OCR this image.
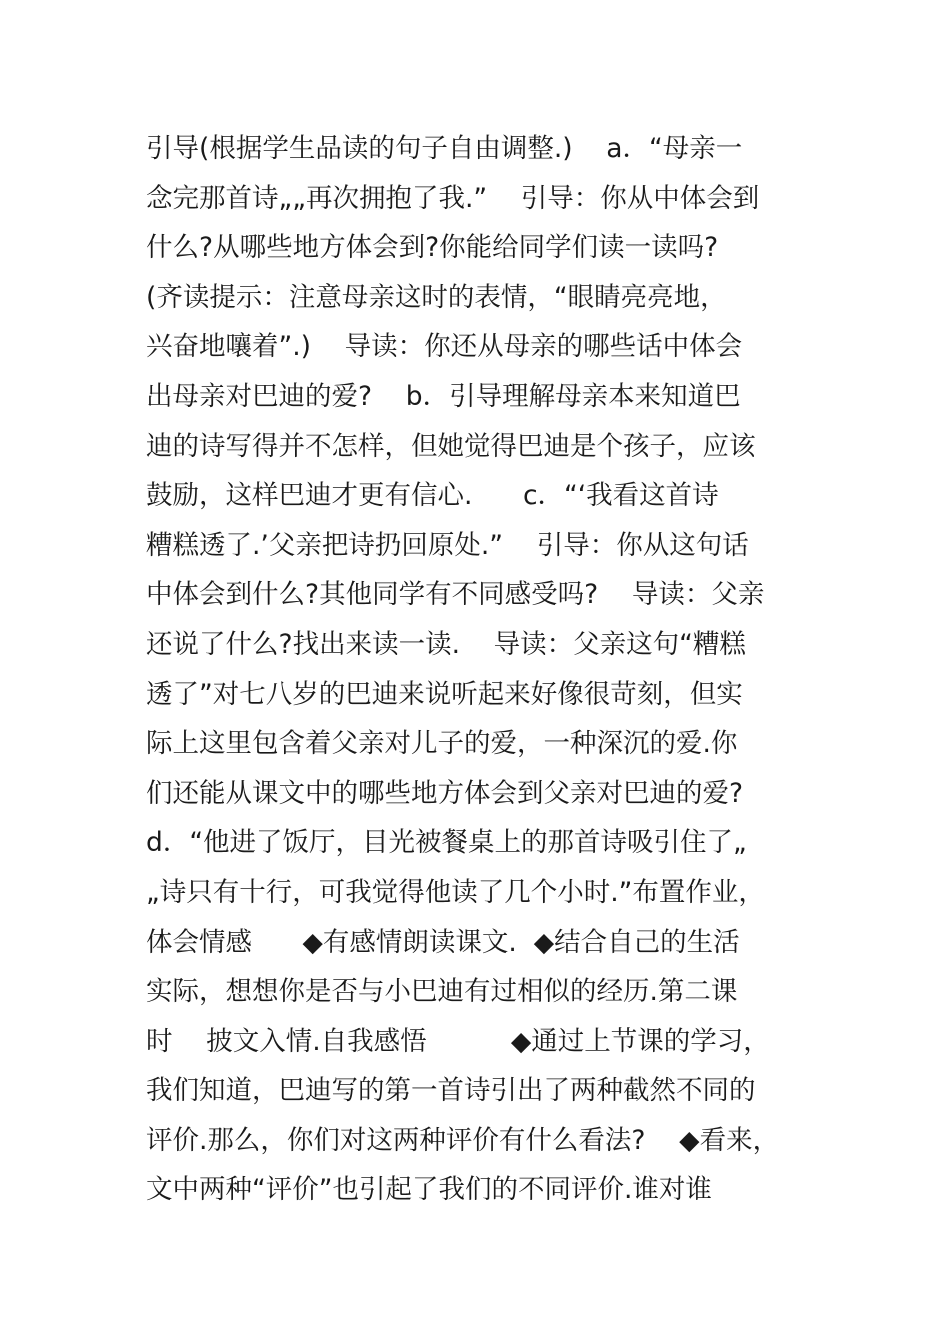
引导(根据学生品读的句子自由调整.)    a．“母亲一
念完那首诗„„再次拥抱了我.”    引导：你从中体会到
什么?从哪些地方体会到?你能给同学们读一读吗?
(齐读提示：注意母亲这时的表情，“眼睛亮亮地，
兴奋地嚷着”.)    导读：你还从母亲的哪些话中体会
出母亲对巴迪的爱?    b．引导理解母亲本来知道巴
迪的诗写得并不怎样，但她觉得巴迪是个孩子，应该
鼓励，这样巴迪才更有信心.      c．“‘我看这首诗
糟糕透了.’父亲把诗扔回原处.”    引导：你从这句话
中体会到什么?其他同学有不同感受吗?    导读：父亲
还说了什么?找出来读一读.    导读：父亲这句“糟糕
透了”对七八岁的巴迪来说听起来好像很苛刻，但实
际上这里包含着父亲对儿子的爱，一种深沉的爱.你
们还能从课文中的哪些地方体会到父亲对巴迪的爱?
d．“他进了饭厅，目光被餐桌上的那首诗吸引住了„
„诗只有十行，可我觉得他读了几个小时.”布置作业，
体会情感      ◆有感情朗读课文.  ◆结合自己的生活
实际，想想你是否与小巴迪有过相似的经历.第二课
时    披文入情.自我感悟          ◆通过上节课的学习，
我们知道，巴迪写的第一首诗引出了两种截然不同的
评价.那么，你们对这两种评价有什么看法?    ◆看来，
文中两种“评价”也引起了我们的不同评价.谁对谁
